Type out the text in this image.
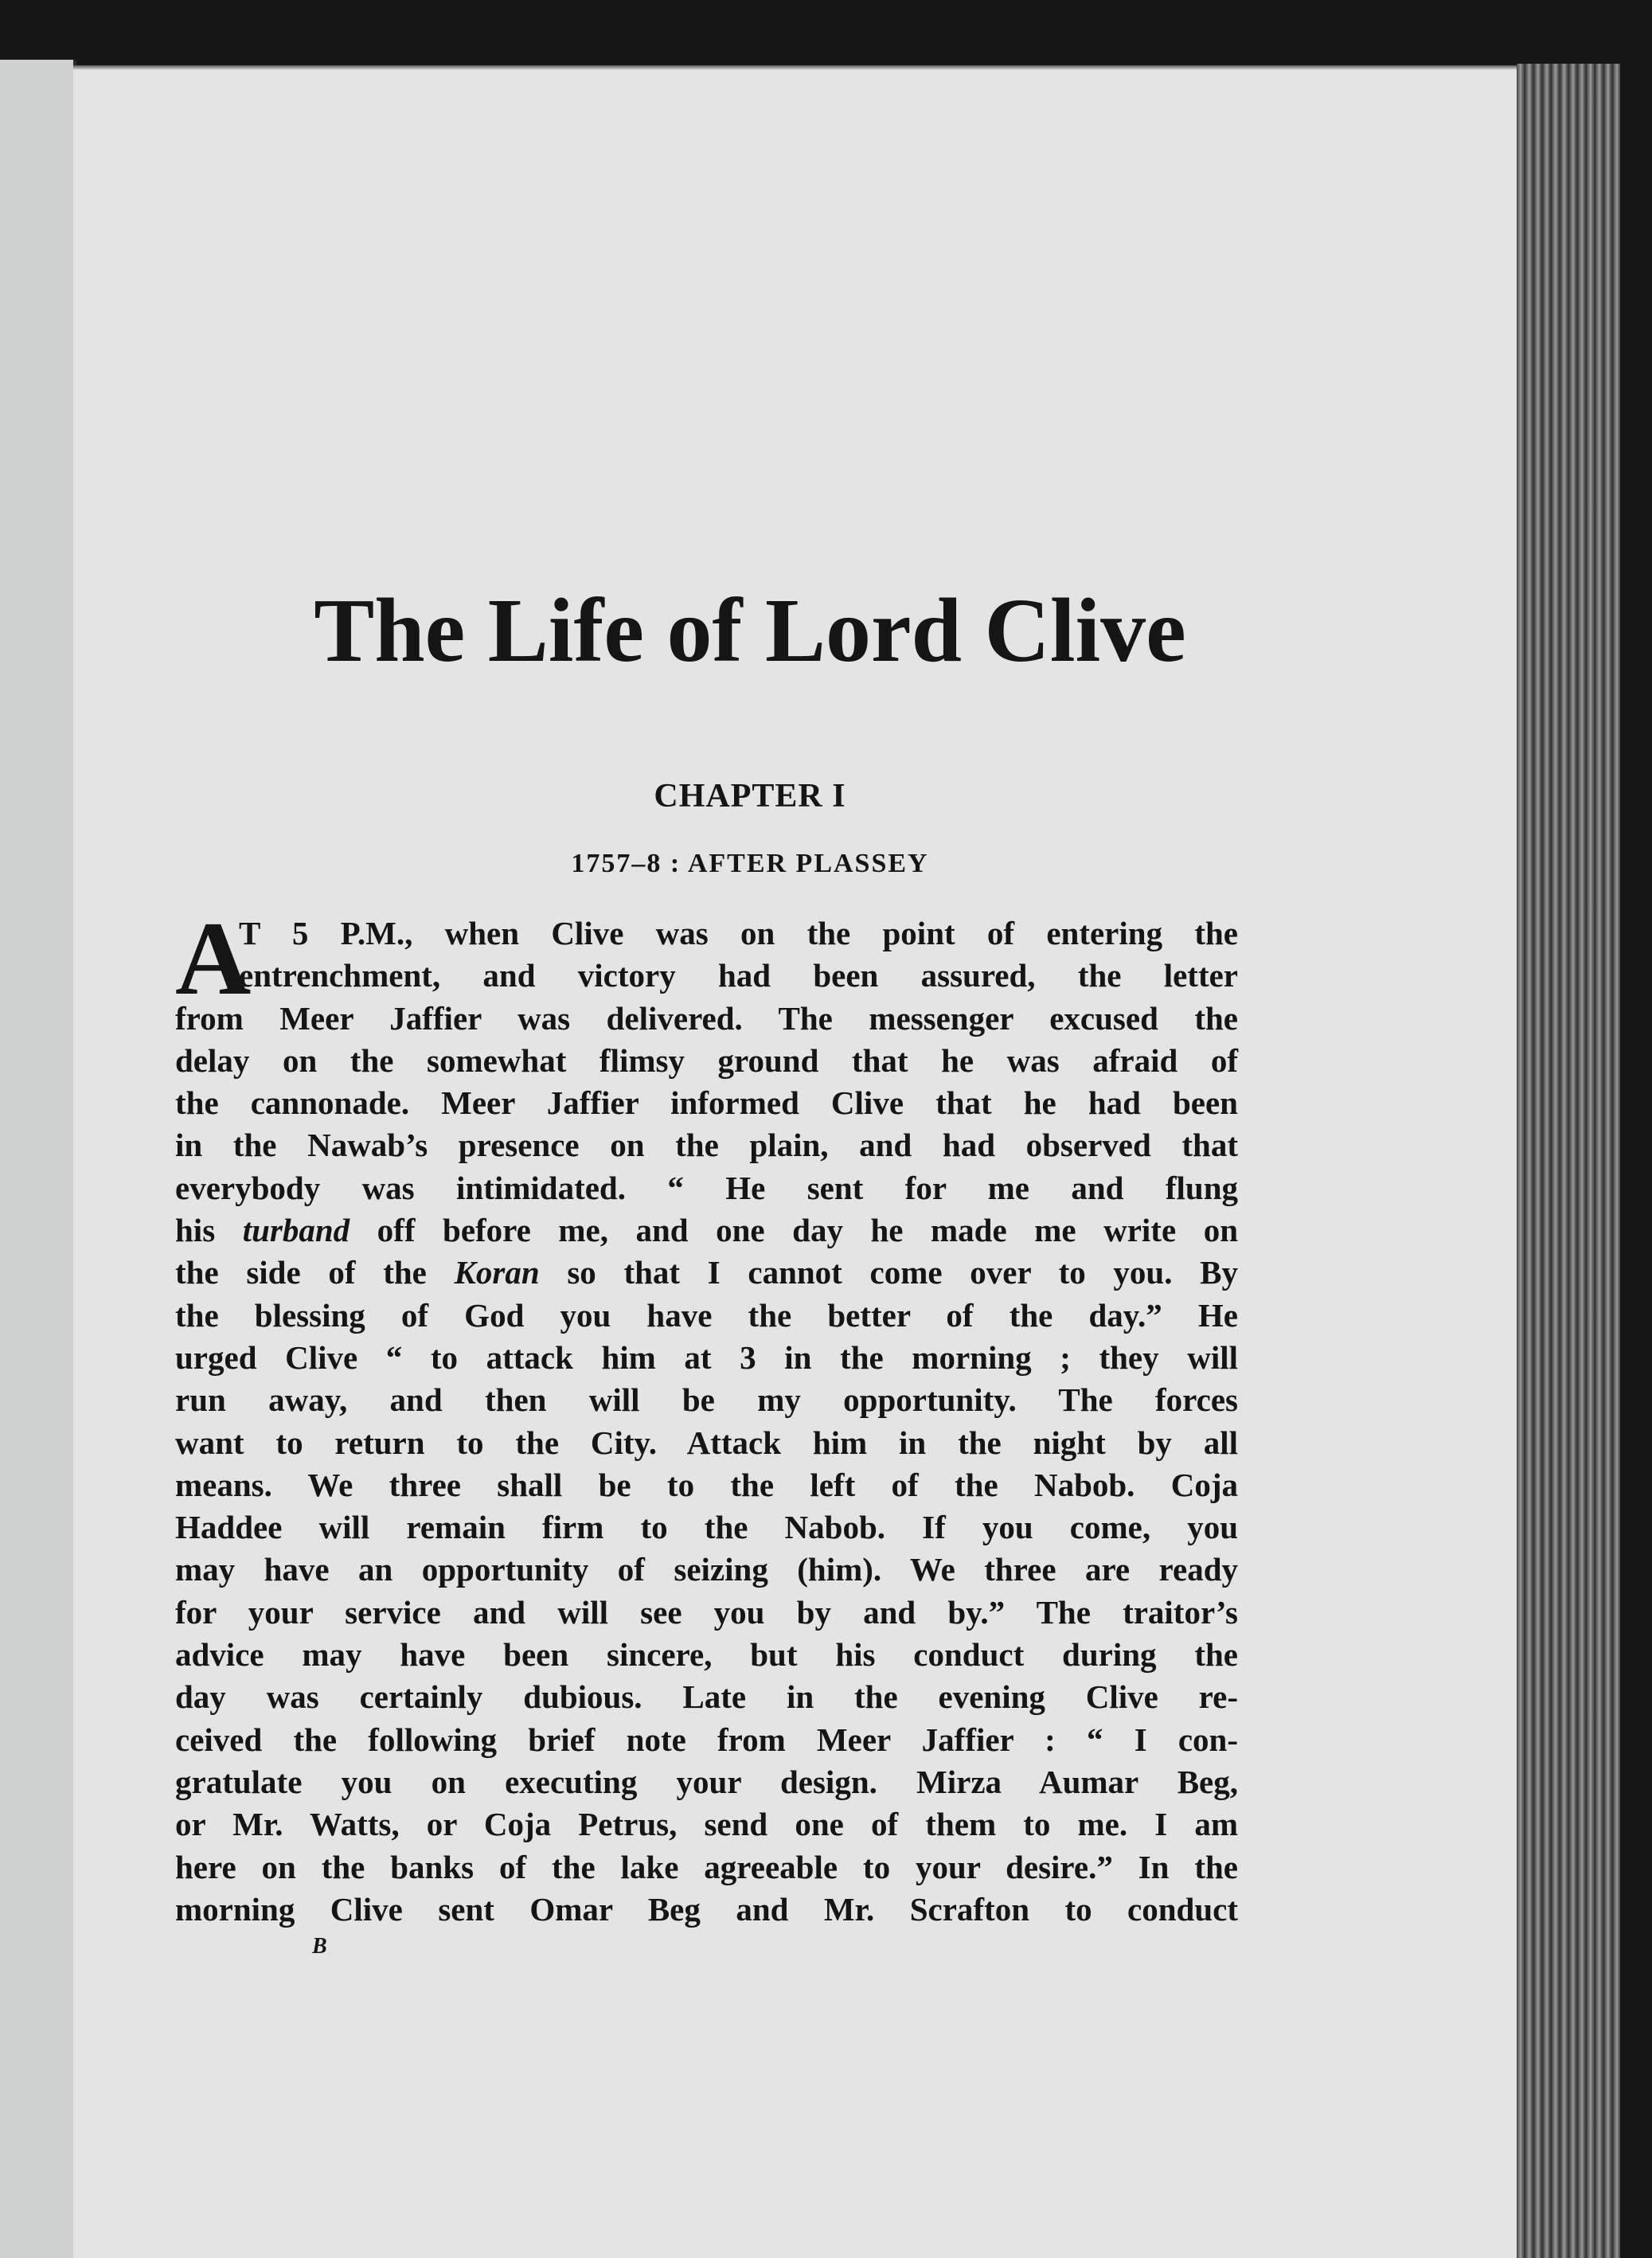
The Life of Lord Clive
CHAPTER I
1757–8 : AFTER PLASSEY
A
T 5 P.M., when Clive was on the point of entering the
entrenchment, and victory had been assured, the letter
from Meer Jaffier was delivered. The messenger excused the
delay on the somewhat flimsy ground that he was afraid of
the cannonade. Meer Jaffier informed Clive that he had been
in the Nawab’s presence on the plain, and had observed that
everybody was intimidated. “ He sent for me and flung
his turband off before me, and one day he made me write on
the side of the Koran so that I cannot come over to you. By
the blessing of God you have the better of the day.” He
urged Clive “ to attack him at 3 in the morning ; they will
run away, and then will be my opportunity. The forces
want to return to the City. Attack him in the night by all
means. We three shall be to the left of the Nabob. Coja
Haddee will remain firm to the Nabob. If you come, you
may have an opportunity of seizing (him). We three are ready
for your service and will see you by and by.” The traitor’s
advice may have been sincere, but his conduct during the
day was certainly dubious. Late in the evening Clive re-
ceived the following brief note from Meer Jaffier : “ I con-
gratulate you on executing your design. Mirza Aumar Beg,
or Mr. Watts, or Coja Petrus, send one of them to me. I am
here on the banks of the lake agreeable to your desire.” In the
morning Clive sent Omar Beg and Mr. Scrafton to conduct
B
